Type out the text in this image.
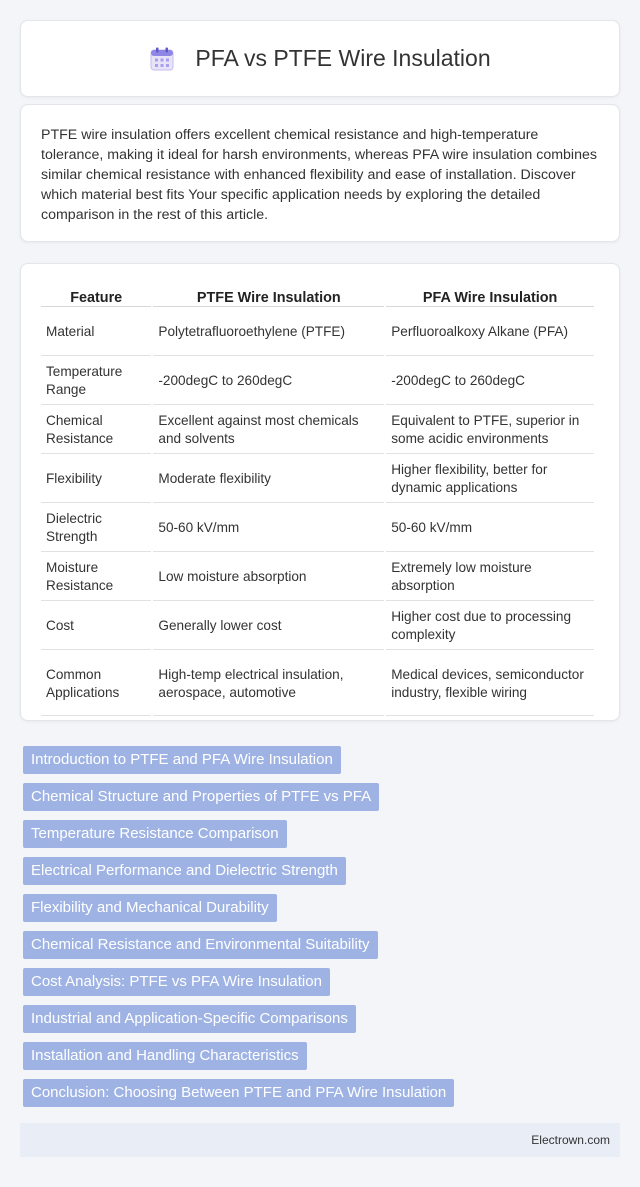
PFA vs PTFE Wire Insulation

PTFE wire insulation offers excellent chemical resistance and high-temperature tolerance, making it ideal for harsh environments, whereas PFA wire insulation combines similar chemical resistance with enhanced flexibility and ease of installation. Discover which material best fits Your specific application needs by exploring the detailed comparison in the rest of this article.

Feature	PTFE Wire Insulation	PFA Wire Insulation
Material	Polytetrafluoroethylene (PTFE)	Perfluoroalkoxy Alkane (PFA)
Temperature Range	-200degC to 260degC	-200degC to 260degC
Chemical Resistance	Excellent against most chemicals and solvents	Equivalent to PTFE, superior in some acidic environments
Flexibility	Moderate flexibility	Higher flexibility, better for dynamic applications
Dielectric Strength	50-60 kV/mm	50-60 kV/mm
Moisture Resistance	Low moisture absorption	Extremely low moisture absorption
Cost	Generally lower cost	Higher cost due to processing complexity
Common Applications	High-temp electrical insulation, aerospace, automotive	Medical devices, semiconductor industry, flexible wiring
Introduction to PTFE and PFA Wire Insulation
Chemical Structure and Properties of PTFE vs PFA
Temperature Resistance Comparison
Electrical Performance and Dielectric Strength
Flexibility and Mechanical Durability
Chemical Resistance and Environmental Suitability
Cost Analysis: PTFE vs PFA Wire Insulation
Industrial and Application-Specific Comparisons
Installation and Handling Characteristics
Conclusion: Choosing Between PTFE and PFA Wire Insulation
Electrown.com
